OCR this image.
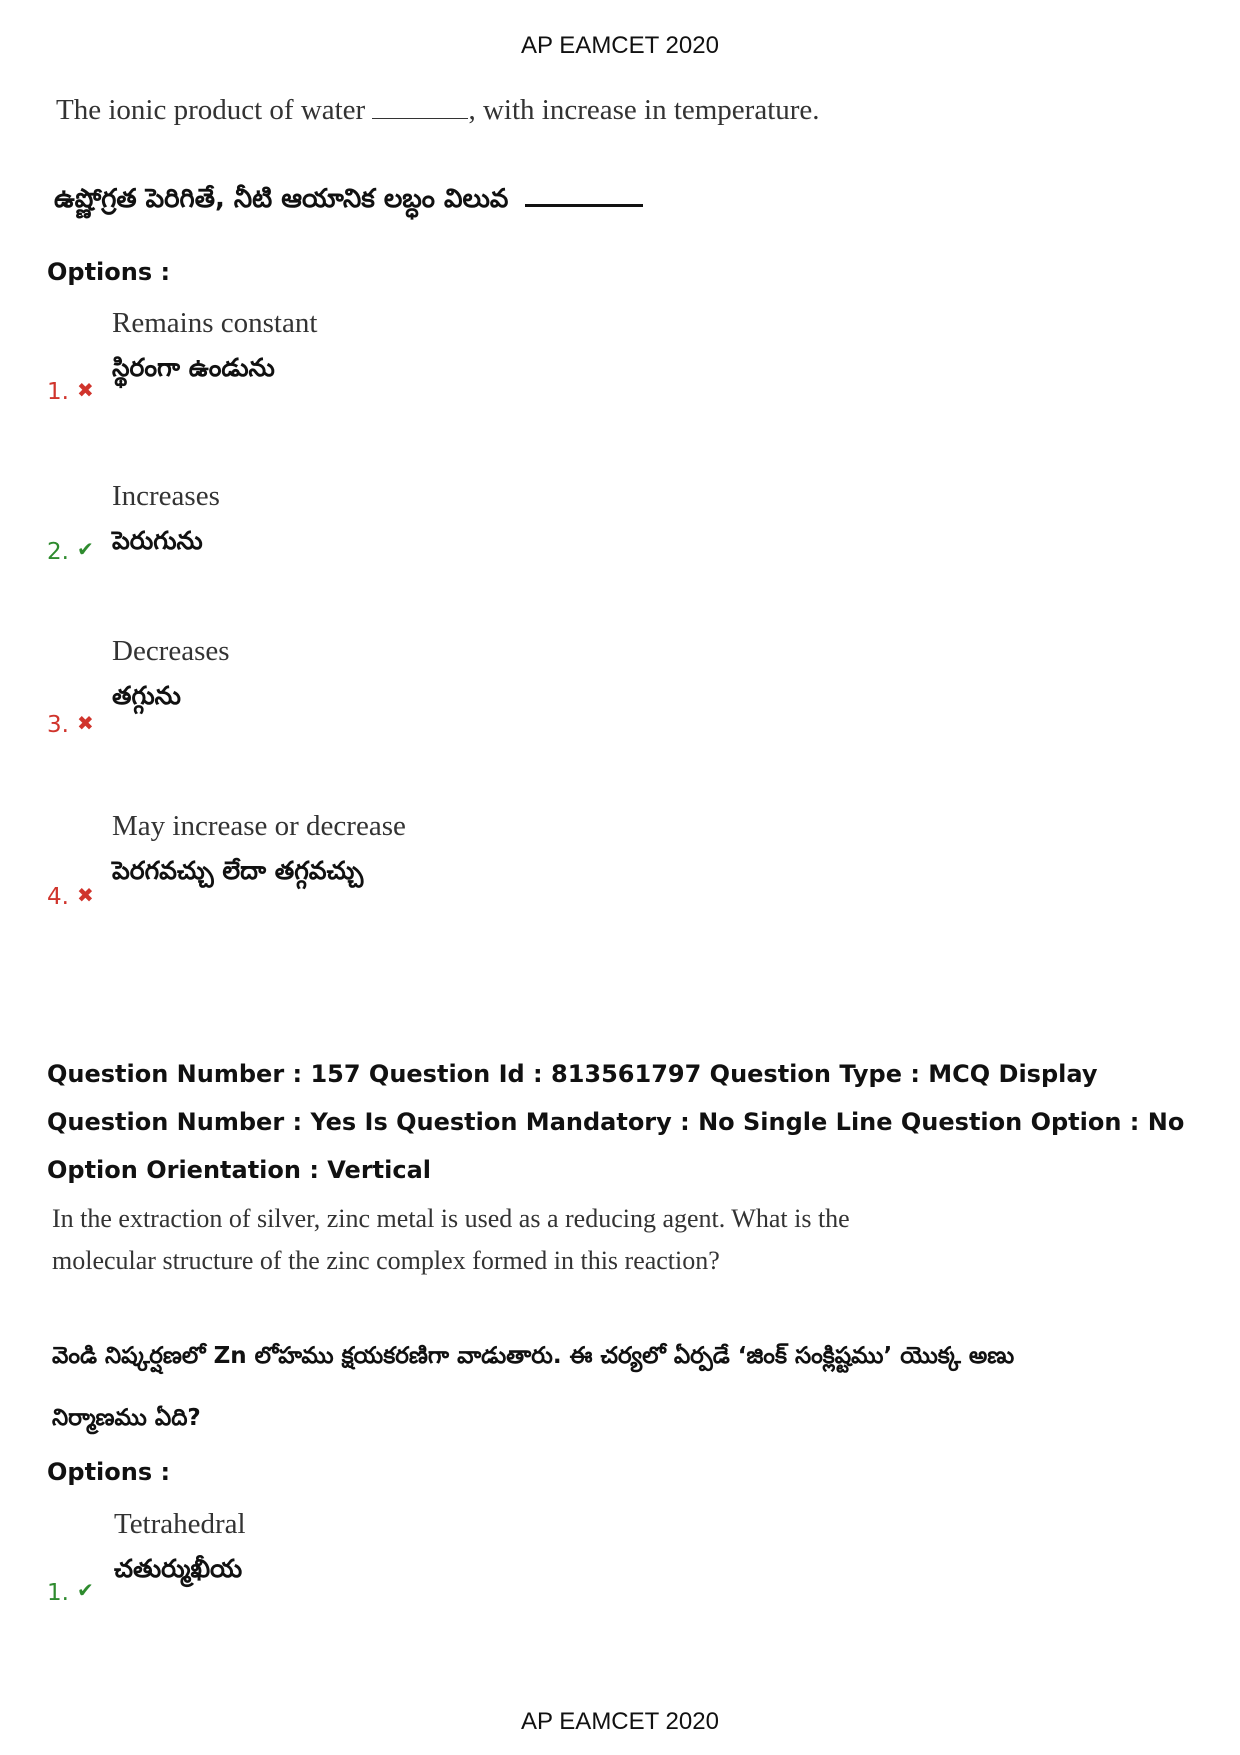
AP EAMCET 2020
The ionic product of water	, with increase in temperature.
ఉష్ణోగ్రత పెరిగితే, నీటి ఆయానిక లబ్ధం విలువ
Options :
Remains constant
స్థిరంగా ఉండును
1. ✖
Increases
పెరుగును
2. ✔
Decreases
తగ్గును
3. ✖
May increase or decrease
పెరగవచ్చు లేదా తగ్గవచ్చు
4. ✖
Question Number : 157 Question Id : 813561797 Question Type : MCQ Display Question Number : Yes Is Question Mandatory : No Single Line Question Option : No Option Orientation : Vertical
In the extraction of silver, zinc metal is used as a reducing agent. What is the molecular structure of the zinc complex formed in this reaction?
వెండి నిష్కర్షణలో Zn లోహము క్షయకరణిగా వాడుతారు. ఈ చర్యలో ఏర్పడే ‘జింక్ సంక్లిష్టము’ యొక్క అణు నిర్మాణము ఏది?
Options :
Tetrahedral
చతుర్ముఖీయ
1. ✔
AP EAMCET 2020
